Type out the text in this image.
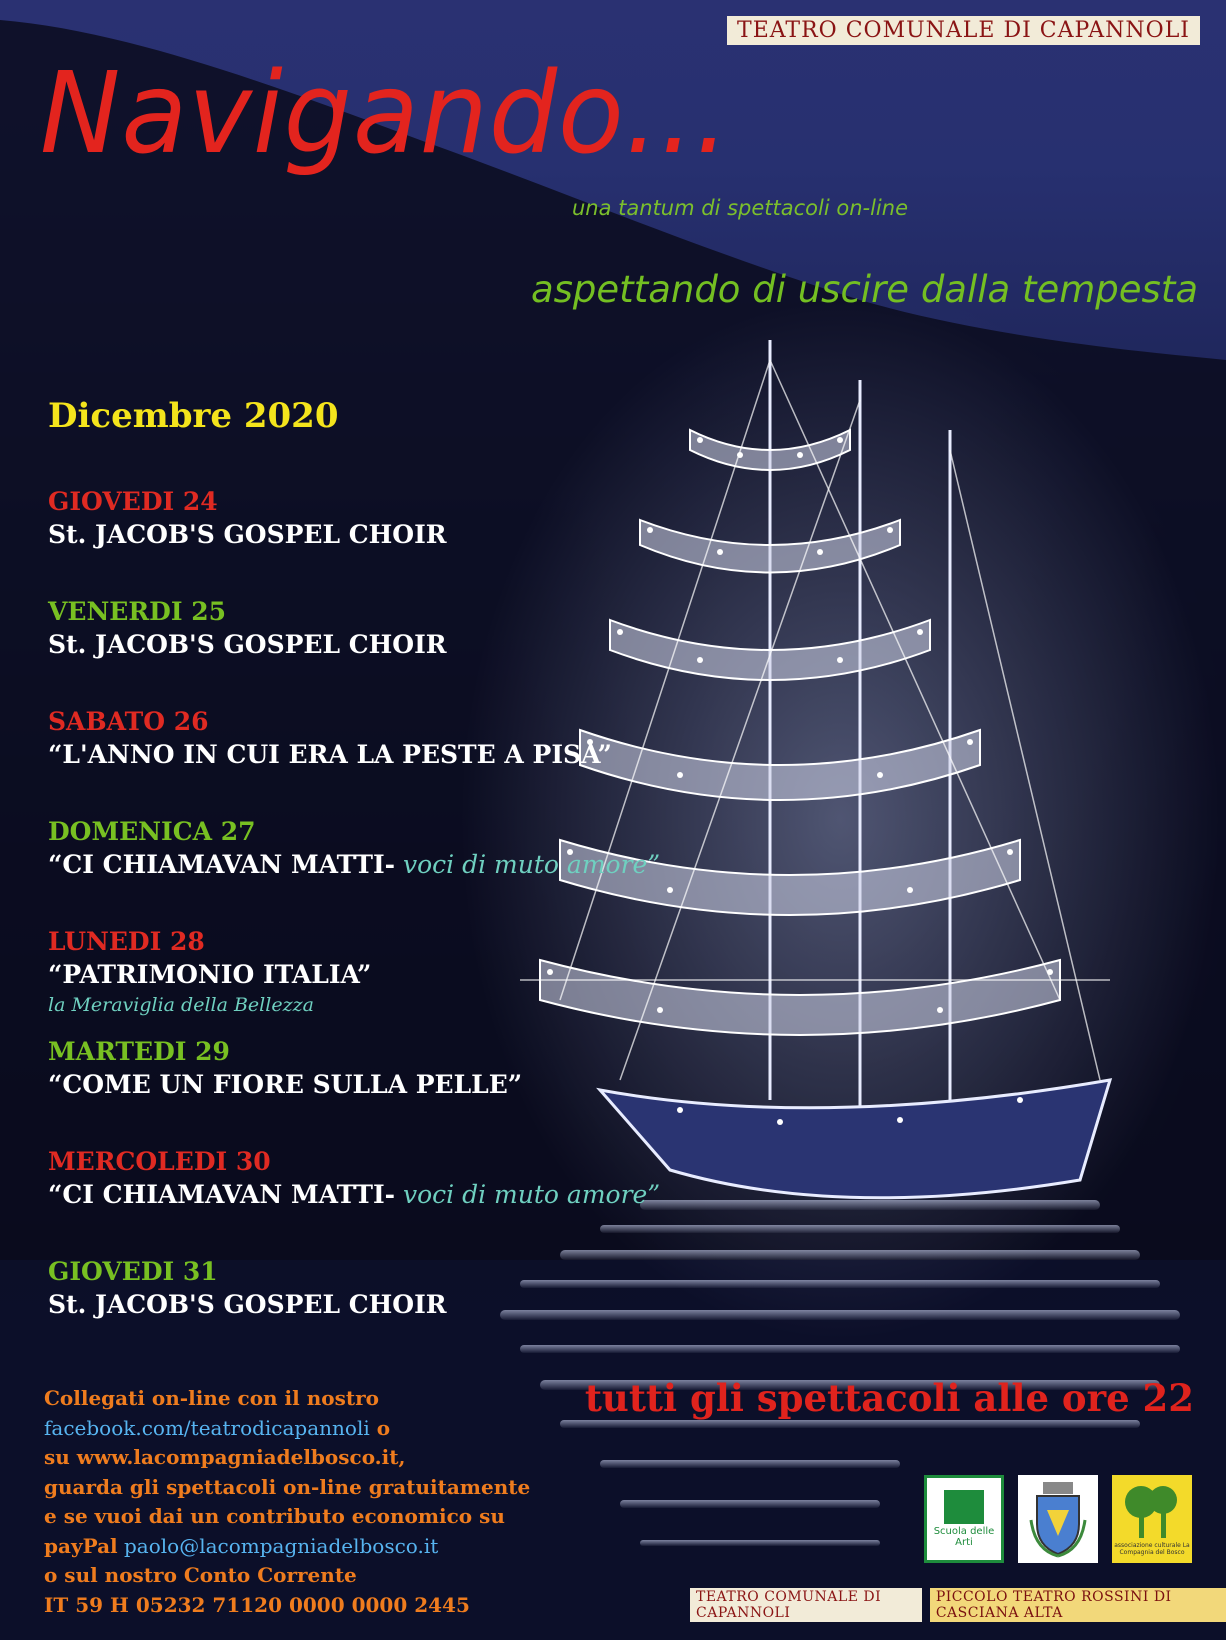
TEATRO COMUNALE DI CAPANNOLI
Navigando...
una tantum di spettacoli on-line
aspettando di uscire dalla tempesta
Dicembre 2020
GIOVEDI 24
St. JACOB'S GOSPEL CHOIR
VENERDI 25
St. JACOB'S GOSPEL CHOIR
SABATO 26
“L'ANNO IN CUI ERA LA PESTE A PISA”
DOMENICA 27
“CI CHIAMAVAN MATTI- voci di muto amore”
LUNEDI 28
“PATRIMONIO ITALIA”
la Meraviglia della Bellezza
MARTEDI 29
“COME UN FIORE SULLA PELLE”
MERCOLEDI 30
“CI CHIAMAVAN MATTI- voci di muto amore”
GIOVEDI 31
St. JACOB'S GOSPEL CHOIR
Collegati on-line con il nostro
facebook.com/teatrodicapannoli o
su www.lacompagniadelbosco.it,
guarda gli spettacoli on-line gratuitamente
e se vuoi dai un contributo economico su
payPal paolo@lacompagniadelbosco.it
o sul nostro Conto Corrente
IT 59 H 05232 71120 0000 0000 2445
tutti gli spettacoli alle ore 22
Scuola delle Arti	associazione culturale La Compagnia del Bosco
TEATRO COMUNALE DI CAPANNOLI
PICCOLO TEATRO ROSSINI DI CASCIANA ALTA
